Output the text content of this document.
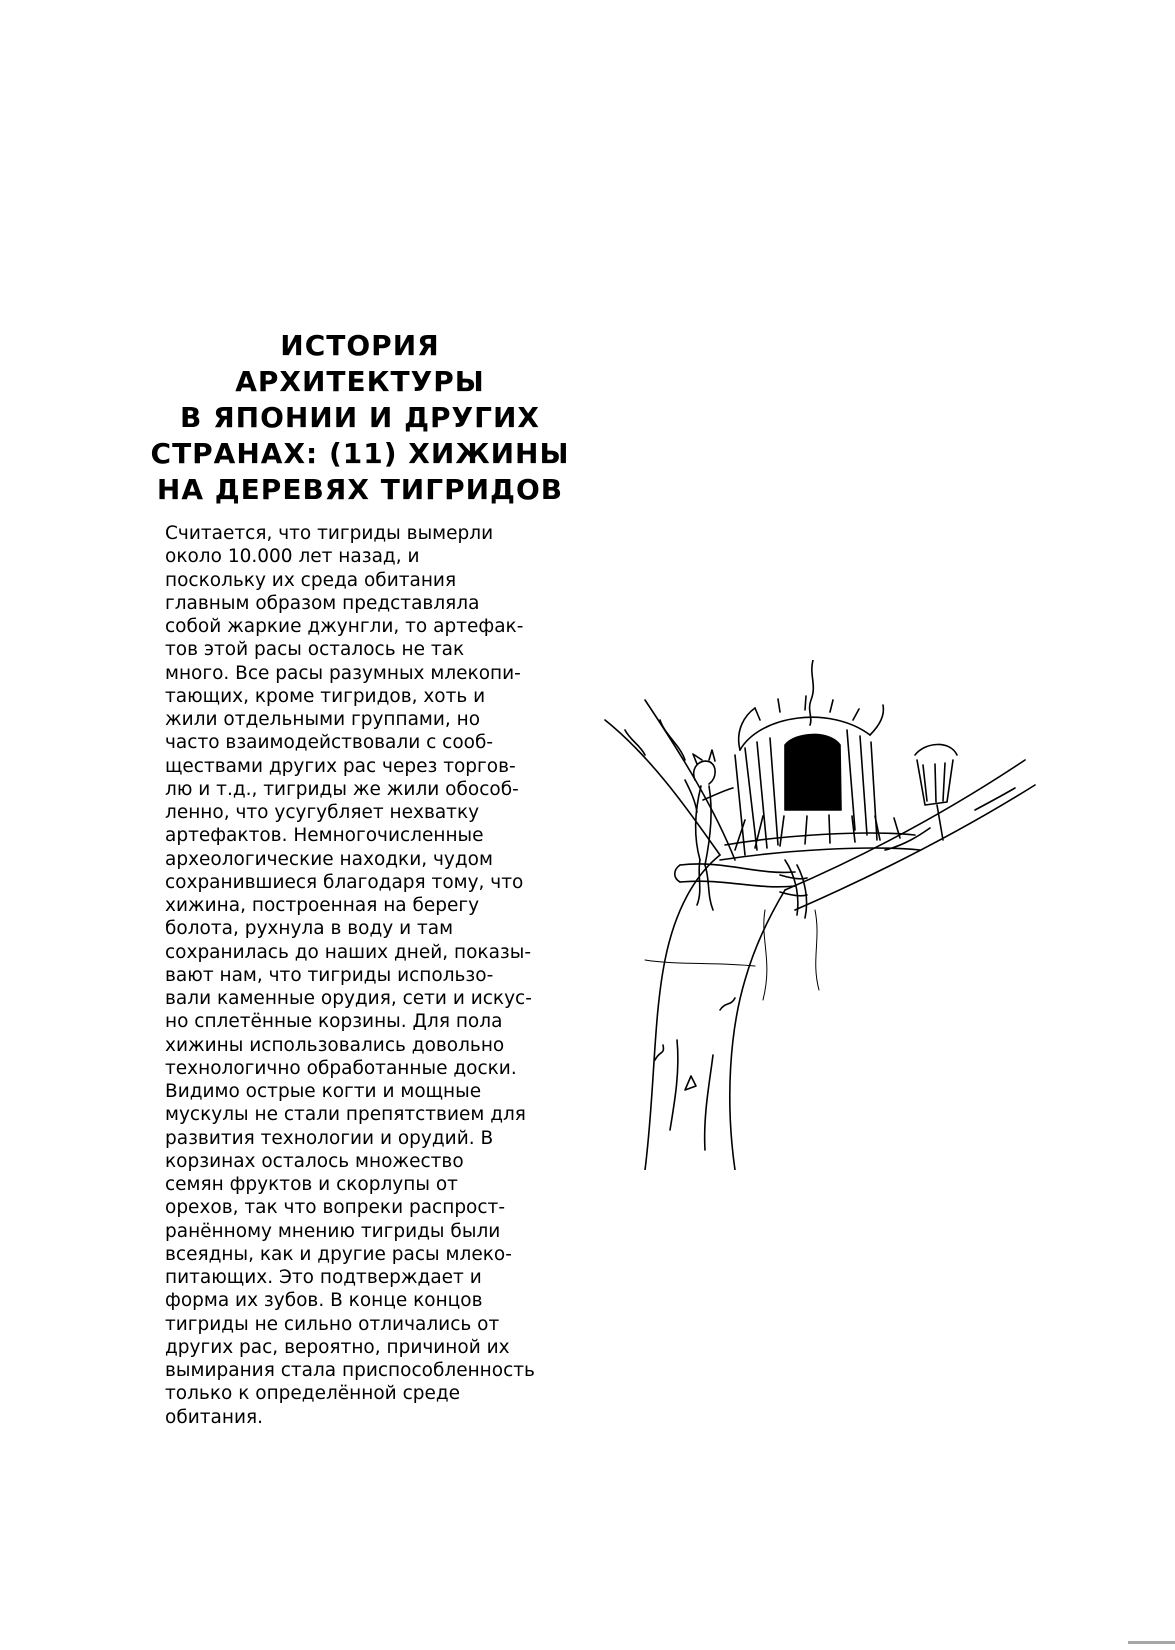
ИСТОРИЯ
АРХИТЕКТУРЫ
В ЯПОНИИ И ДРУГИХ
СТРАНАХ: (11) ХИЖИНЫ
НА ДЕРЕВЯХ ТИГРИДОВ
Считается, что тигриды вымерли
около 10.000 лет назад, и
поскольку их среда обитания
главным образом представляла
собой жаркие джунгли, то артефак-
тов этой расы осталось не так
много. Все расы разумных млекопи-
тающих, кроме тигридов, хоть и
жили отдельными группами, но
часто взаимодействовали с сооб-
ществами других рас через торгов-
лю и т.д., тигриды же жили обособ-
ленно, что усугубляет нехватку
артефактов. Немногочисленные
археологические находки, чудом
сохранившиеся благодаря тому, что
хижина, построенная на берегу
болота, рухнула в воду и там
сохранилась до наших дней, показы-
вают нам, что тигриды использо-
вали каменные орудия, сети и искус-
но сплетённые корзины. Для пола
хижины использовались довольно
технологично обработанные доски.
Видимо острые когти и мощные
мускулы не стали препятствием для
развития технологии и орудий. В
корзинах осталось множество
семян фруктов и скорлупы от
орехов, так что вопреки распрост-
ранённому мнению тигриды были
всеядны, как и другие расы млеко-
питающих. Это подтверждает и
форма их зубов. В конце концов
тигриды не сильно отличались от
других рас, вероятно, причиной их
вымирания стала приспособленность
только к определённой среде
обитания.
